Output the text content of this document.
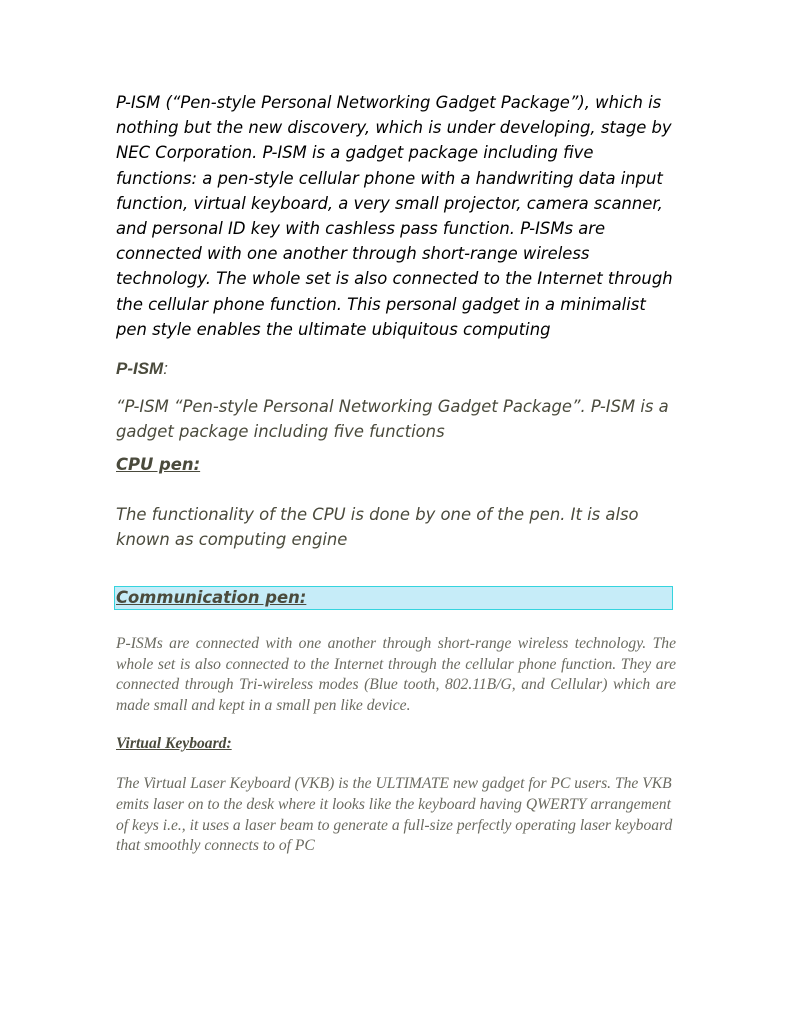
P-ISM (“Pen-style Personal Networking Gadget Package”), which is nothing but the new discovery, which is under developing, stage by NEC Corporation. P-ISM is a gadget package including five functions: a pen-style cellular phone with a handwriting data input function, virtual keyboard, a very small projector, camera scanner, and personal ID key with cashless pass function. P-ISMs are connected with one another through short-range wireless technology. The whole set is also connected to the Internet through the cellular phone function. This personal gadget in a minimalist pen style enables the ultimate ubiquitous computing

P-ISM:

“P-ISM “Pen-style Personal Networking Gadget Package”. P-ISM is a gadget package including five functions

CPU pen:

The functionality of the CPU is done by one of the pen. It is also known as computing engine

Communication pen:

P-ISMs are connected with one another through short-range wireless technology. The whole set is also connected to the Internet through the cellular phone function. They are connected through Tri-wireless modes (Blue tooth, 802.11B/G, and Cellular) which are made small and kept in a small pen like device.

Virtual Keyboard:

The Virtual Laser Keyboard (VKB) is the ULTIMATE new gadget for PC users. The VKB emits laser on to the desk where it looks like the keyboard having QWERTY arrangement of keys i.e., it uses a laser beam to generate a full-size perfectly operating laser keyboard that smoothly connects to of PC
